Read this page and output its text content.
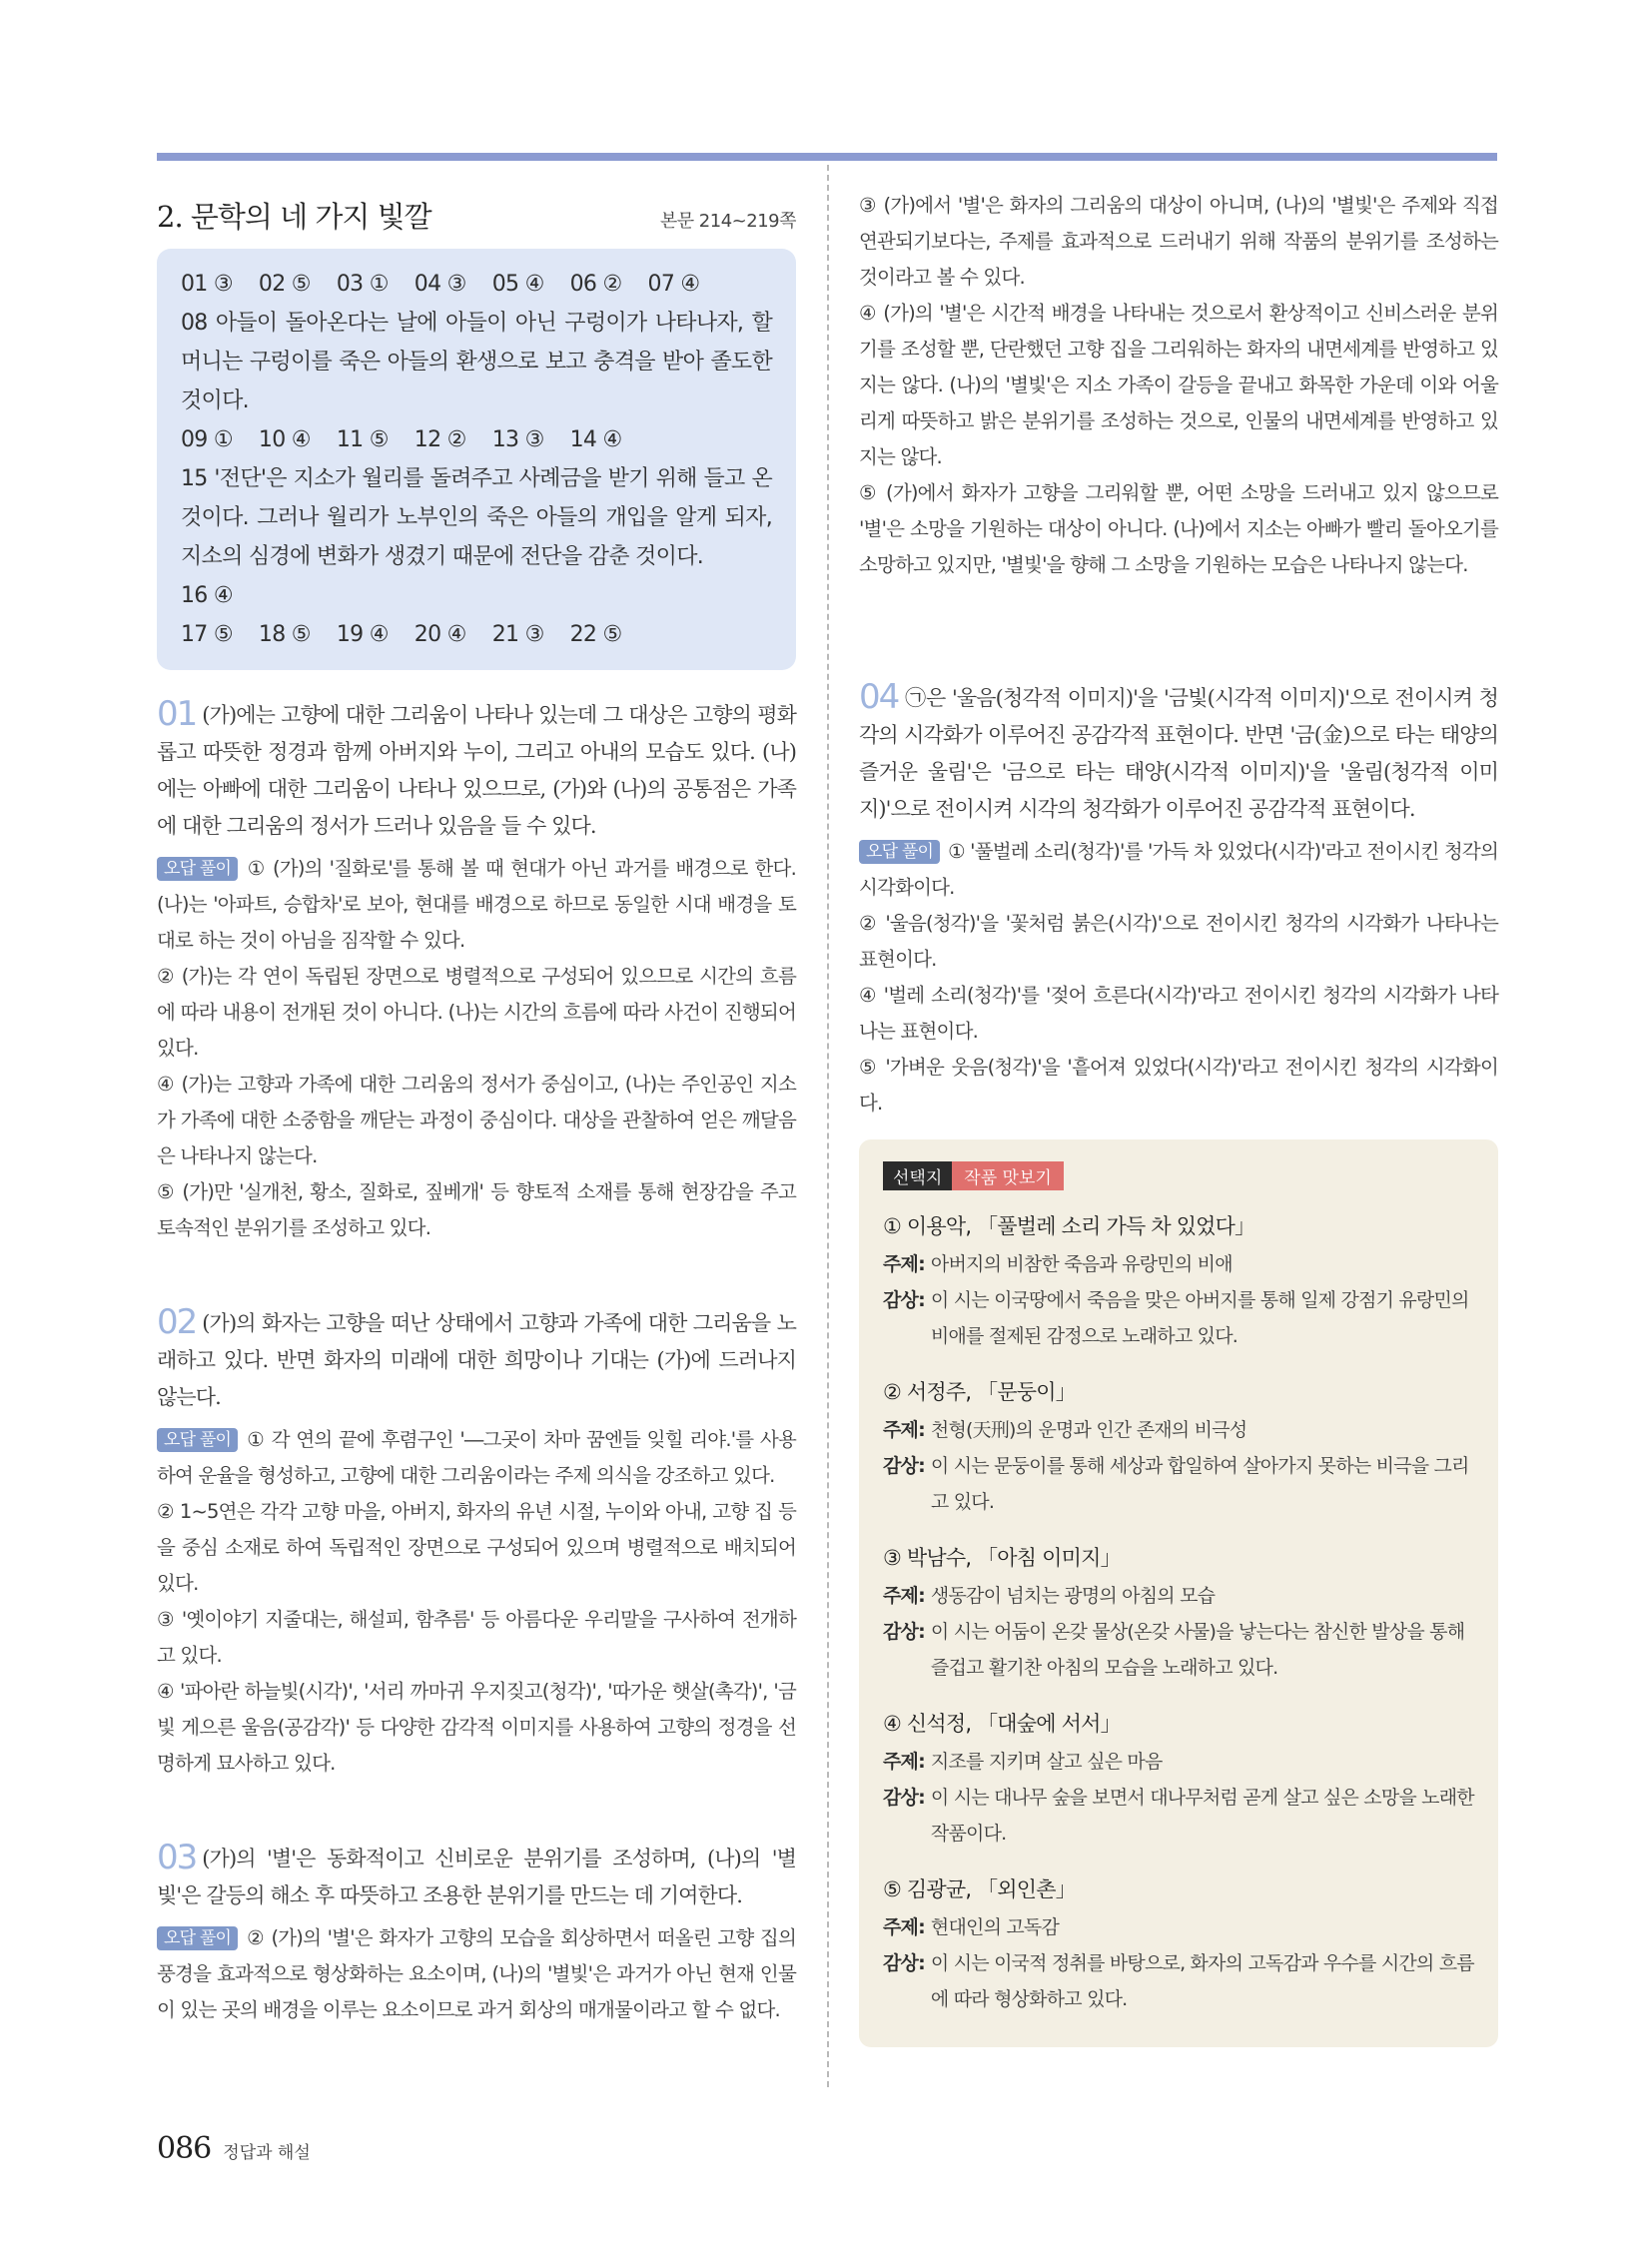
2. 문학의 네 가지 빛깔	본문 214~219쪽

01 ③ 02 ⑤ 03 ① 04 ③ 05 ④ 06 ② 07 ④

08 아들이 돌아온다는 날에 아들이 아닌 구렁이가 나타나자, 할머니는 구렁이를 죽은 아들의 환생으로 보고 충격을 받아 졸도한 것이다.

09 ① 10 ④ 11 ⑤ 12 ② 13 ③ 14 ④

15 '전단'은 지소가 월리를 돌려주고 사례금을 받기 위해 들고 온 것이다. 그러나 월리가 노부인의 죽은 아들의 개입을 알게 되자, 지소의 심경에 변화가 생겼기 때문에 전단을 감춘 것이다.

16 ④

17 ⑤ 18 ⑤ 19 ④ 20 ④ 21 ③ 22 ⑤

01 (가)에는 고향에 대한 그리움이 나타나 있는데 그 대상은 고향의 평화롭고 따뜻한 정경과 함께 아버지와 누이, 그리고 아내의 모습도 있다. (나)에는 아빠에 대한 그리움이 나타나 있으므로, (가)와 (나)의 공통점은 가족에 대한 그리움의 정서가 드러나 있음을 들 수 있다.

오답 풀이 ① (가)의 '질화로'를 통해 볼 때 현대가 아닌 과거를 배경으로 한다. (나)는 '아파트, 승합차'로 보아, 현대를 배경으로 하므로 동일한 시대 배경을 토대로 하는 것이 아님을 짐작할 수 있다.

② (가)는 각 연이 독립된 장면으로 병렬적으로 구성되어 있으므로 시간의 흐름에 따라 내용이 전개된 것이 아니다. (나)는 시간의 흐름에 따라 사건이 진행되어 있다.

④ (가)는 고향과 가족에 대한 그리움의 정서가 중심이고, (나)는 주인공인 지소가 가족에 대한 소중함을 깨닫는 과정이 중심이다. 대상을 관찰하여 얻은 깨달음은 나타나지 않는다.

⑤ (가)만 '실개천, 황소, 질화로, 짚베개' 등 향토적 소재를 통해 현장감을 주고 토속적인 분위기를 조성하고 있다.

02 (가)의 화자는 고향을 떠난 상태에서 고향과 가족에 대한 그리움을 노래하고 있다. 반면 화자의 미래에 대한 희망이나 기대는 (가)에 드러나지 않는다.

오답 풀이 ① 각 연의 끝에 후렴구인 '―그곳이 차마 꿈엔들 잊힐 리야.'를 사용하여 운율을 형성하고, 고향에 대한 그리움이라는 주제 의식을 강조하고 있다.

② 1~5연은 각각 고향 마을, 아버지, 화자의 유년 시절, 누이와 아내, 고향 집 등을 중심 소재로 하여 독립적인 장면으로 구성되어 있으며 병렬적으로 배치되어 있다.

③ '옛이야기 지줄대는, 해설피, 함추름' 등 아름다운 우리말을 구사하여 전개하고 있다.

④ '파아란 하늘빛(시각)', '서리 까마귀 우지짖고(청각)', '따가운 햇살(촉각)', '금빛 게으른 울음(공감각)' 등 다양한 감각적 이미지를 사용하여 고향의 정경을 선명하게 묘사하고 있다.

03 (가)의 '별'은 동화적이고 신비로운 분위기를 조성하며, (나)의 '별빛'은 갈등의 해소 후 따뜻하고 조용한 분위기를 만드는 데 기여한다.

오답 풀이 ② (가)의 '별'은 화자가 고향의 모습을 회상하면서 떠올린 고향 집의 풍경을 효과적으로 형상화하는 요소이며, (나)의 '별빛'은 과거가 아닌 현재 인물이 있는 곳의 배경을 이루는 요소이므로 과거 회상의 매개물이라고 할 수 없다.

③ (가)에서 '별'은 화자의 그리움의 대상이 아니며, (나)의 '별빛'은 주제와 직접 연관되기보다는, 주제를 효과적으로 드러내기 위해 작품의 분위기를 조성하는 것이라고 볼 수 있다.

④ (가)의 '별'은 시간적 배경을 나타내는 것으로서 환상적이고 신비스러운 분위기를 조성할 뿐, 단란했던 고향 집을 그리워하는 화자의 내면세계를 반영하고 있지는 않다. (나)의 '별빛'은 지소 가족이 갈등을 끝내고 화목한 가운데 이와 어울리게 따뜻하고 밝은 분위기를 조성하는 것으로, 인물의 내면세계를 반영하고 있지는 않다.

⑤ (가)에서 화자가 고향을 그리워할 뿐, 어떤 소망을 드러내고 있지 않으므로 '별'은 소망을 기원하는 대상이 아니다. (나)에서 지소는 아빠가 빨리 돌아오기를 소망하고 있지만, '별빛'을 향해 그 소망을 기원하는 모습은 나타나지 않는다.

04 ㉠은 '울음(청각적 이미지)'을 '금빛(시각적 이미지)'으로 전이시켜 청각의 시각화가 이루어진 공감각적 표현이다. 반면 '금(金)으로 타는 태양의 즐거운 울림'은 '금으로 타는 태양(시각적 이미지)'을 '울림(청각적 이미지)'으로 전이시켜 시각의 청각화가 이루어진 공감각적 표현이다.

오답 풀이 ① '풀벌레 소리(청각)'를 '가득 차 있었다(시각)'라고 전이시킨 청각의 시각화이다.

② '울음(청각)'을 '꽃처럼 붉은(시각)'으로 전이시킨 청각의 시각화가 나타나는 표현이다.

④ '벌레 소리(청각)'를 '젖어 흐른다(시각)'라고 전이시킨 청각의 시각화가 나타나는 표현이다.

⑤ '가벼운 웃음(청각)'을 '흩어져 있었다(시각)'라고 전이시킨 청각의 시각화이다.

선택지	작품 맛보기

① 이용악, 「풀벌레 소리 가득 차 있었다」

주제: 아버지의 비참한 죽음과 유랑민의 비애
감상: 이 시는 이국땅에서 죽음을 맞은 아버지를 통해 일제 강점기 유랑민의 비애를 절제된 감정으로 노래하고 있다.

② 서정주, 「문둥이」

주제: 천형(天刑)의 운명과 인간 존재의 비극성
감상: 이 시는 문둥이를 통해 세상과 합일하여 살아가지 못하는 비극을 그리고 있다.

③ 박남수, 「아침 이미지」

주제: 생동감이 넘치는 광명의 아침의 모습
감상: 이 시는 어둠이 온갖 물상(온갖 사물)을 낳는다는 참신한 발상을 통해 즐겁고 활기찬 아침의 모습을 노래하고 있다.

④ 신석정, 「대숲에 서서」

주제: 지조를 지키며 살고 싶은 마음
감상: 이 시는 대나무 숲을 보면서 대나무처럼 곧게 살고 싶은 소망을 노래한 작품이다.

⑤ 김광균, 「외인촌」

주제: 현대인의 고독감
감상: 이 시는 이국적 정취를 바탕으로, 화자의 고독감과 우수를 시간의 흐름에 따라 형상화하고 있다.
086 정답과 해설
